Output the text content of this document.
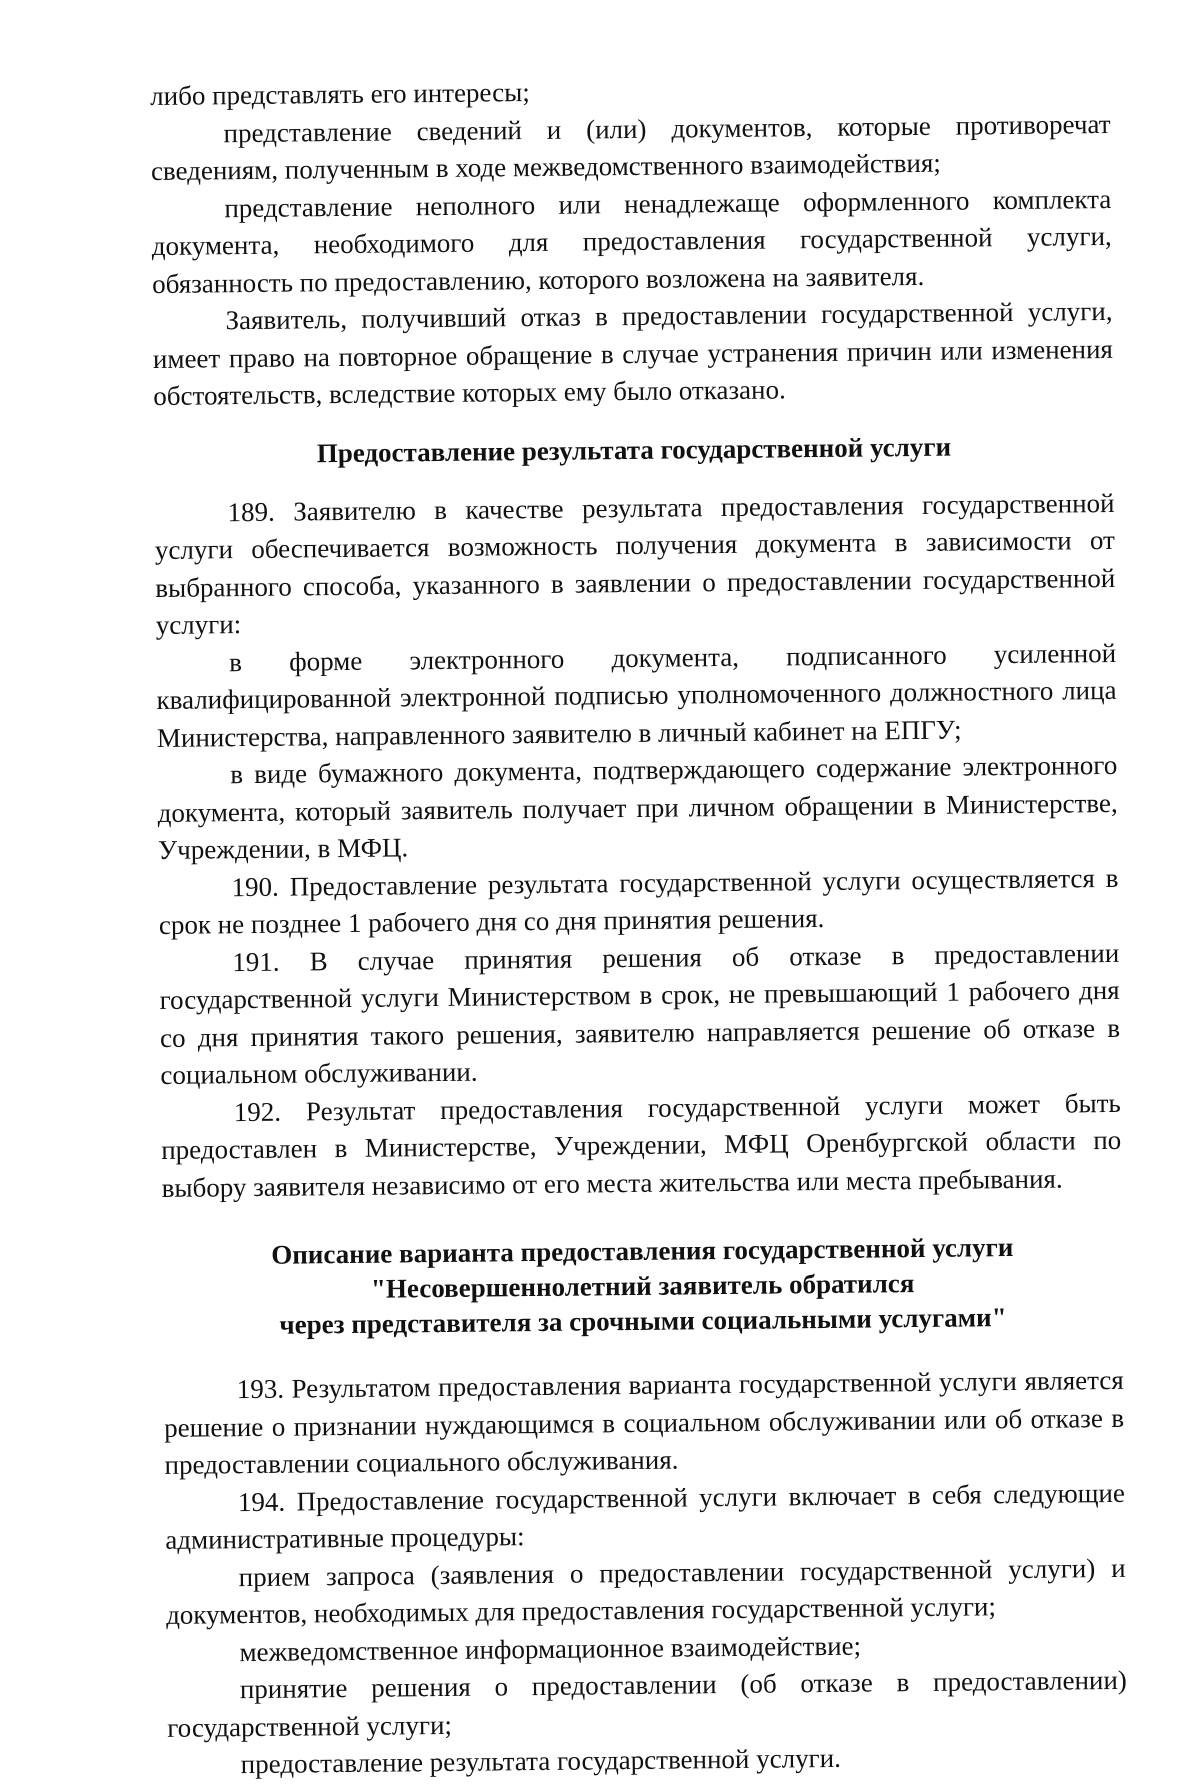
либо представлять его интересы;

представление сведений и (или) документов, которые противоречат сведениям, полученным в ходе межведомственного взаимодействия;

представление неполного или ненадлежаще оформленного комплекта документа, необходимого для предоставления государственной услуги, обязанность по предоставлению, которого возложена на заявителя.

Заявитель, получивший отказ в предоставлении государственной услуги, имеет право на повторное обращение в случае устранения причин или изменения обстоятельств, вследствие которых ему было отказано.

Предоставление результата государственной услуги

189. Заявителю в качестве результата предоставления государственной услуги обеспечивается возможность получения документа в зависимости от выбранного способа, указанного в заявлении о предоставлении государственной услуги:

в форме электронного документа, подписанного усиленной квалифицированной электронной подписью уполномоченного должностного лица Министерства, направленного заявителю в личный кабинет на ЕПГУ;

в виде бумажного документа, подтверждающего содержание электронного документа, который заявитель получает при личном обращении в Министерстве, Учреждении, в МФЦ.

190. Предоставление результата государственной услуги осуществляется в срок не позднее 1 рабочего дня со дня принятия решения.

191. В случае принятия решения об отказе в предоставлении государственной услуги Министерством в срок, не превышающий 1 рабочего дня со дня принятия такого решения, заявителю направляется решение об отказе в социальном обслуживании.

192. Результат предоставления государственной услуги может быть предоставлен в Министерстве, Учреждении, МФЦ Оренбургской области по выбору заявителя независимо от его места жительства или места пребывания.

Описание варианта предоставления государственной услуги
"Несовершеннолетний заявитель обратился
через представителя за срочными социальными услугами"

193. Результатом предоставления варианта государственной услуги является решение о признании нуждающимся в социальном обслуживании или об отказе в предоставлении социального обслуживания.

194. Предоставление государственной услуги включает в себя следующие административные процедуры:

прием запроса (заявления о предоставлении государственной услуги) и документов, необходимых для предоставления государственной услуги;

межведомственное информационное взаимодействие;

принятие решения о предоставлении (об отказе в предоставлении) государственной услуги;

предоставление результата государственной услуги.
